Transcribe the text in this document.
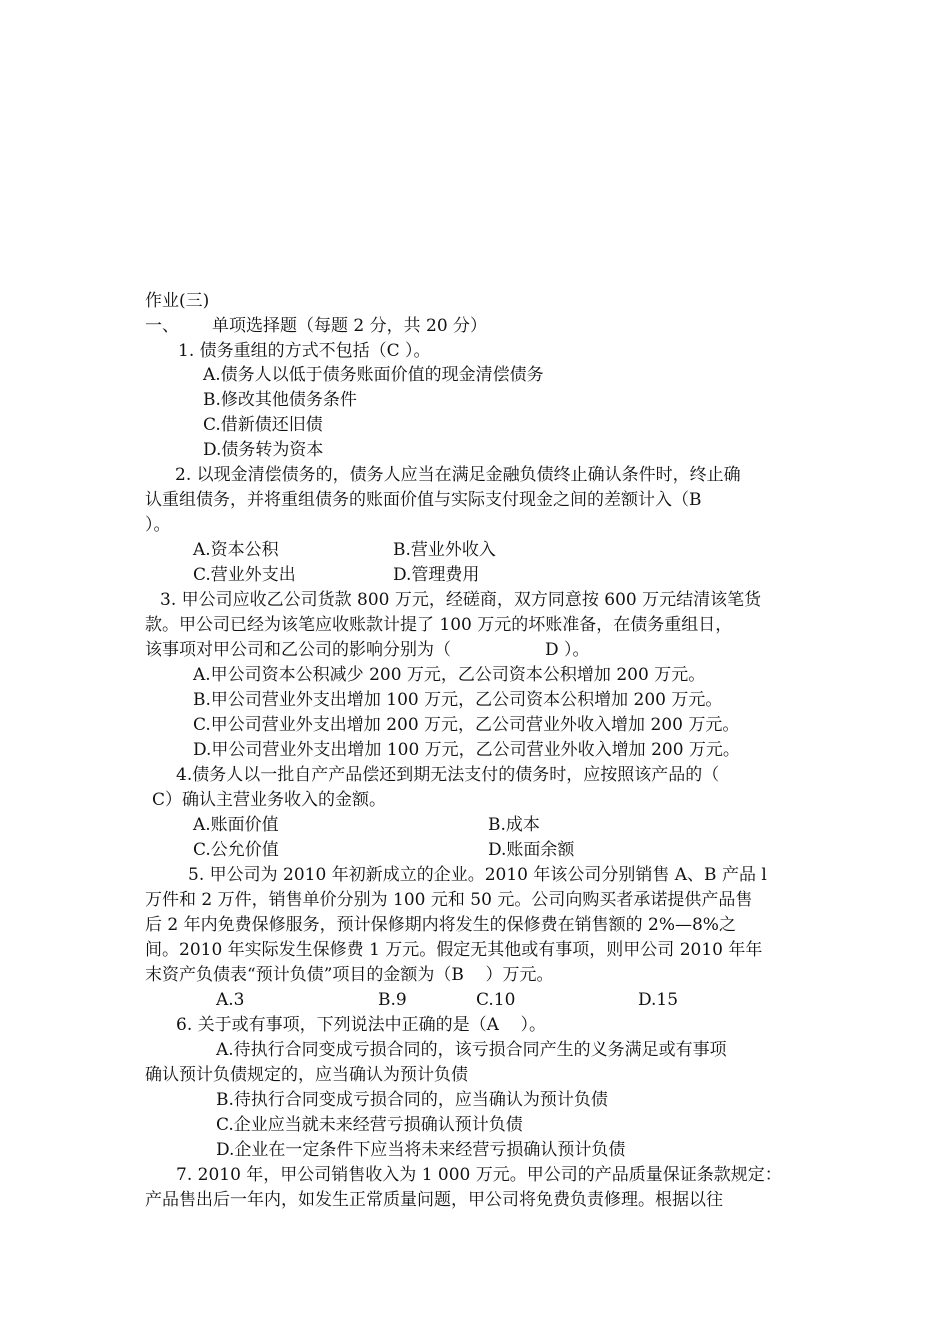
作业(三)
一、 单项选择题（每题 2 分，共 20 分）
1. 债务重组的方式不包括（C ）。
A.债务人以低于债务账面价值的现金清偿债务
B.修改其他债务条件
C.借新债还旧债
D.债务转为资本
2. 以现金清偿债务的，债务人应当在满足金融负债终止确认条件时，终止确
认重组债务，并将重组债务的账面价值与实际支付现金之间的差额计入（B
）。
A.资本公积	B.营业外收入
C.营业外支出	D.管理费用
3. 甲公司应收乙公司货款 800 万元，经磋商，双方同意按 600 万元结清该笔货
款。甲公司已经为该笔应收账款计提了 100 万元的坏账准备，在债务重组日，
该事项对甲公司和乙公司的影响分别为（	D ）。
A.甲公司资本公积减少 200 万元，乙公司资本公积增加 200 万元。
B.甲公司营业外支出增加 100 万元，乙公司资本公积增加 200 万元。
C.甲公司营业外支出增加 200 万元，乙公司营业外收入增加 200 万元。
D.甲公司营业外支出增加 100 万元，乙公司营业外收入增加 200 万元。
4.债务人以一批自产产品偿还到期无法支付的债务时，应按照该产品的（
C）确认主营业务收入的金额。
A.账面价值	B.成本
C.公允价值	D.账面余额
5. 甲公司为 2010 年初新成立的企业。2010 年该公司分别销售 A、B 产品 l
万件和 2 万件，销售单价分别为 100 元和 50 元。公司向购买者承诺提供产品售
后 2 年内免费保修服务，预计保修期内将发生的保修费在销售额的 2%—8%之
间。2010 年实际发生保修费 1 万元。假定无其他或有事项，则甲公司 2010 年年
末资产负债表“预计负债”项目的金额为（B    ）万元。
A.3	B.9	C.10	D.15
6. 关于或有事项，下列说法中正确的是（A    ）。
A.待执行合同变成亏损合同的，该亏损合同产生的义务满足或有事项
确认预计负债规定的，应当确认为预计负债
B.待执行合同变成亏损合同的，应当确认为预计负债
C.企业应当就未来经营亏损确认预计负债
D.企业在一定条件下应当将未来经营亏损确认预计负债
7. 2010 年，甲公司销售收入为 1 000 万元。甲公司的产品质量保证条款规定：
产品售出后一年内，如发生正常质量问题，甲公司将免费负责修理。根据以往
